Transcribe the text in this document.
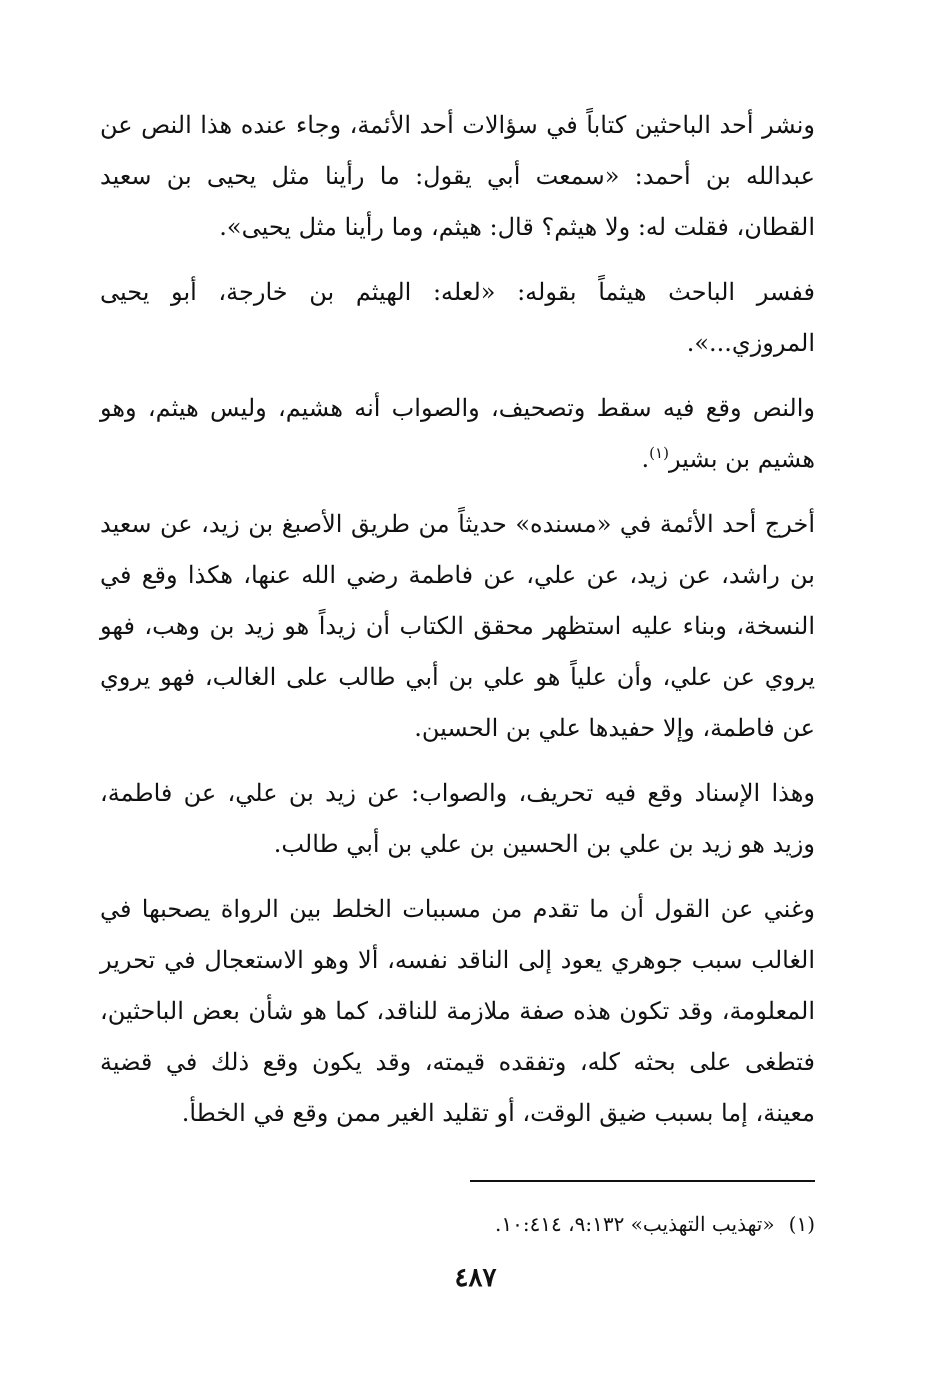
ونشر أحد الباحثين كتاباً في سؤالات أحد الأئمة، وجاء عنده هذا النص عن عبدالله بن أحمد: «سمعت أبي يقول: ما رأينا مثل يحيى بن سعيد القطان، فقلت له: ولا هيثم؟ قال: هيثم، وما رأينا مثل يحيى».

ففسر الباحث هيثماً بقوله: «لعله: الهيثم بن خارجة، أبو يحيى المروزي...».

والنص وقع فيه سقط وتصحيف، والصواب أنه هشيم، وليس هيثم، وهو هشيم بن بشير$^{(١)}$.

أخرج أحد الأئمة في «مسنده» حديثاً من طريق الأصبغ بن زيد، عن سعيد بن راشد، عن زيد، عن علي، عن فاطمة رضي الله عنها، هكذا وقع في النسخة، وبناء عليه استظهر محقق الكتاب أن زيداً هو زيد بن وهب، فهو يروي عن علي، وأن علياً هو علي بن أبي طالب على الغالب، فهو يروي عن فاطمة، وإلا حفيدها علي بن الحسين.

وهذا الإسناد وقع فيه تحريف، والصواب: عن زيد بن علي، عن فاطمة، وزيد هو زيد بن علي بن الحسين بن علي بن أبي طالب.

وغني عن القول أن ما تقدم من مسببات الخلط بين الرواة يصحبها في الغالب سبب جوهري يعود إلى الناقد نفسه، ألا وهو الاستعجال في تحرير المعلومة، وقد تكون هذه صفة ملازمة للناقد، كما هو شأن بعض الباحثين، فتطغى على بحثه كله، وتفقده قيمته، وقد يكون وقع ذلك في قضية معينة، إما بسبب ضيق الوقت، أو تقليد الغير ممن وقع في الخطأ.

(١)«تهذيب التهذيب» ٩:١٣٢، ١٠:٤١٤.
٤٨٧
